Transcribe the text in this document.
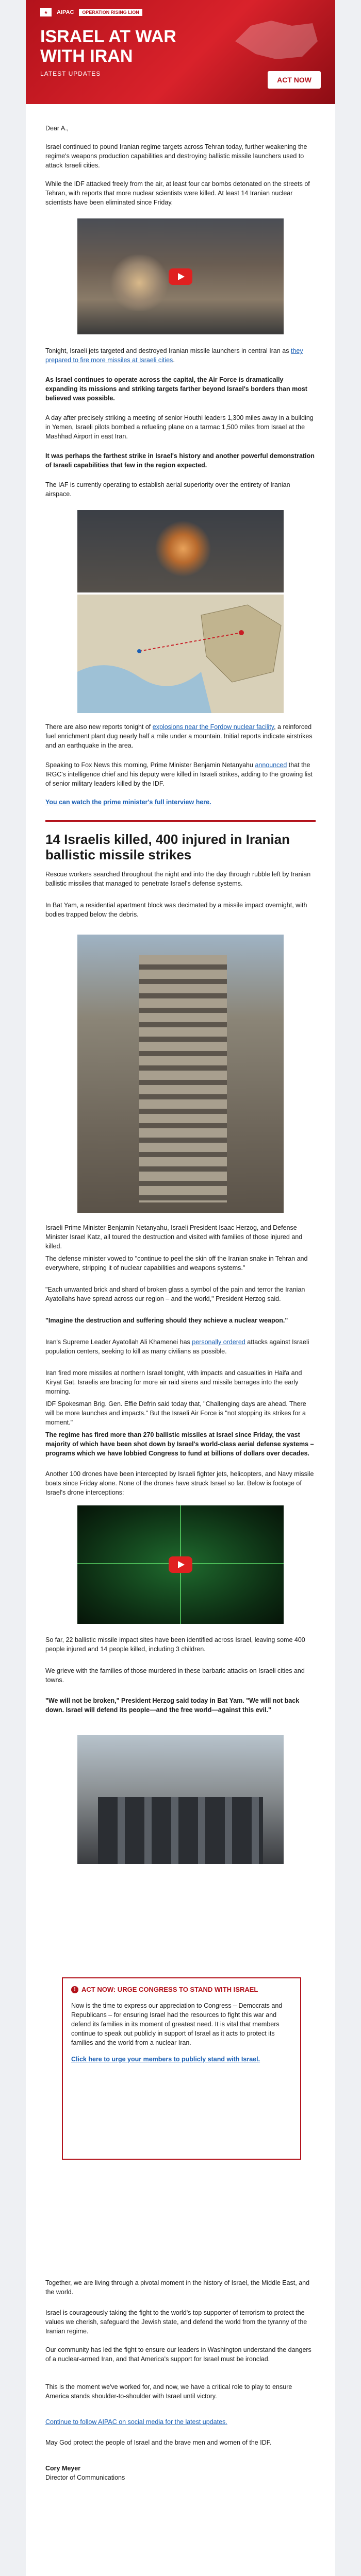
★	AIPAC	OPERATION RISING LION
ISRAEL AT WAR WITH IRAN
LATEST UPDATES
ACT NOW
Dear A.,
Israel continued to pound Iranian regime targets across Tehran today, further weakening the regime's weapons production capabilities and destroying ballistic missile launchers used to attack Israeli cities.
While the IDF attacked freely from the air, at least four car bombs detonated on the streets of Tehran, with reports that more nuclear scientists were killed. At least 14 Iranian nuclear scientists have been eliminated since Friday.
Tonight, Israeli jets targeted and destroyed Iranian missile launchers in central Iran as they prepared to fire more missiles at Israeli cities.
As Israel continues to operate across the capital, the Air Force is dramatically expanding its missions and striking targets farther beyond Israel's borders than most believed was possible.
A day after precisely striking a meeting of senior Houthi leaders 1,300 miles away in a building in Yemen, Israeli pilots bombed a refueling plane on a tarmac 1,500 miles from Israel at the Mashhad Airport in east Iran.
It was perhaps the farthest strike in Israel's history and another powerful demonstration of Israeli capabilities that few in the region expected.
The IAF is currently operating to establish aerial superiority over the entirety of Iranian airspace.
There are also new reports tonight of explosions near the Fordow nuclear facility, a reinforced fuel enrichment plant dug nearly half a mile under a mountain. Initial reports indicate airstrikes and an earthquake in the area.
Speaking to Fox News this morning, Prime Minister Benjamin Netanyahu announced that the IRGC's intelligence chief and his deputy were killed in Israeli strikes, adding to the growing list of senior military leaders killed by the IDF.
You can watch the prime minister's full interview here.
14 Israelis killed, 400 injured in Iranian ballistic missile strikes
Rescue workers searched throughout the night and into the day through rubble left by Iranian ballistic missiles that managed to penetrate Israel's defense systems.
In Bat Yam, a residential apartment block was decimated by a missile impact overnight, with bodies trapped below the debris.
Israeli Prime Minister Benjamin Netanyahu, Israeli President Isaac Herzog, and Defense Minister Israel Katz, all toured the destruction and visited with families of those injured and killed.
The defense minister vowed to "continue to peel the skin off the Iranian snake in Tehran and everywhere, stripping it of nuclear capabilities and weapons systems."
"Each unwanted brick and shard of broken glass a symbol of the pain and terror the Iranian Ayatollahs have spread across our region – and the world," President Herzog said.
"Imagine the destruction and suffering should they achieve a nuclear weapon."
Iran's Supreme Leader Ayatollah Ali Khamenei has personally ordered attacks against Israeli population centers, seeking to kill as many civilians as possible.
Iran fired more missiles at northern Israel tonight, with impacts and casualties in Haifa and Kiryat Gat. Israelis are bracing for more air raid sirens and missile barrages into the early morning.
IDF Spokesman Brig. Gen. Effie Defrin said today that, "Challenging days are ahead. There will be more launches and impacts." But the Israeli Air Force is "not stopping its strikes for a moment."
The regime has fired more than 270 ballistic missiles at Israel since Friday, the vast majority of which have been shot down by Israel's world-class aerial defense systems – programs which we have lobbied Congress to fund at billions of dollars over decades.
Another 100 drones have been intercepted by Israeli fighter jets, helicopters, and Navy missile boats since Friday alone. None of the drones have struck Israel so far. Below is footage of Israel's drone interceptions:
So far, 22 ballistic missile impact sites have been identified across Israel, leaving some 400 people injured and 14 people killed, including 3 children.
We grieve with the families of those murdered in these barbaric attacks on Israeli cities and towns.
"We will not be broken," President Herzog said today in Bat Yam. "We will not back down. Israel will defend its people—and the free world—against this evil."
! ACT NOW: URGE CONGRESS TO STAND WITH ISRAEL
Now is the time to express our appreciation to Congress – Democrats and Republicans – for ensuring Israel had the resources to fight this war and defend its families in its moment of greatest need. It is vital that members continue to speak out publicly in support of Israel as it acts to protect its families and the world from a nuclear Iran.
Click here to urge your members to publicly stand with Israel.
Together, we are living through a pivotal moment in the history of Israel, the Middle East, and the world.
Israel is courageously taking the fight to the world's top supporter of terrorism to protect the values we cherish, safeguard the Jewish state, and defend the world from the tyranny of the Iranian regime.
Our community has led the fight to ensure our leaders in Washington understand the dangers of a nuclear-armed Iran, and that America's support for Israel must be ironclad.
This is the moment we've worked for, and now, we have a critical role to play to ensure America stands shoulder-to-shoulder with Israel until victory.
Continue to follow AIPAC on social media for the latest updates.
May God protect the people of Israel and the brave men and women of the IDF.
Cory Meyer
Director of Communications
